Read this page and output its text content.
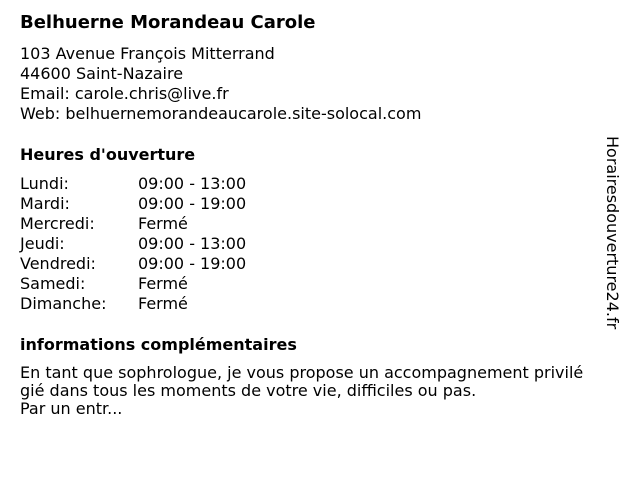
Belhuerne Morandeau Carole
103 Avenue François Mitterrand
44600 Saint-Nazaire
Email: carole.chris@live.fr
Web: belhuernemorandeaucarole.site-solocal.com
Heures d'ouverture
Lundi:	09:00 - 13:00
Mardi:	09:00 - 19:00
Mercredi:	Fermé
Jeudi:	09:00 - 13:00
Vendredi:	09:00 - 19:00
Samedi:	Fermé
Dimanche: Fermé
informations complémentaires
En tant que sophrologue, je vous propose un accompagnement privilé
gié dans tous les moments de votre vie, difficiles ou pas.
Par un entr...
Horairesdouverture24.fr
